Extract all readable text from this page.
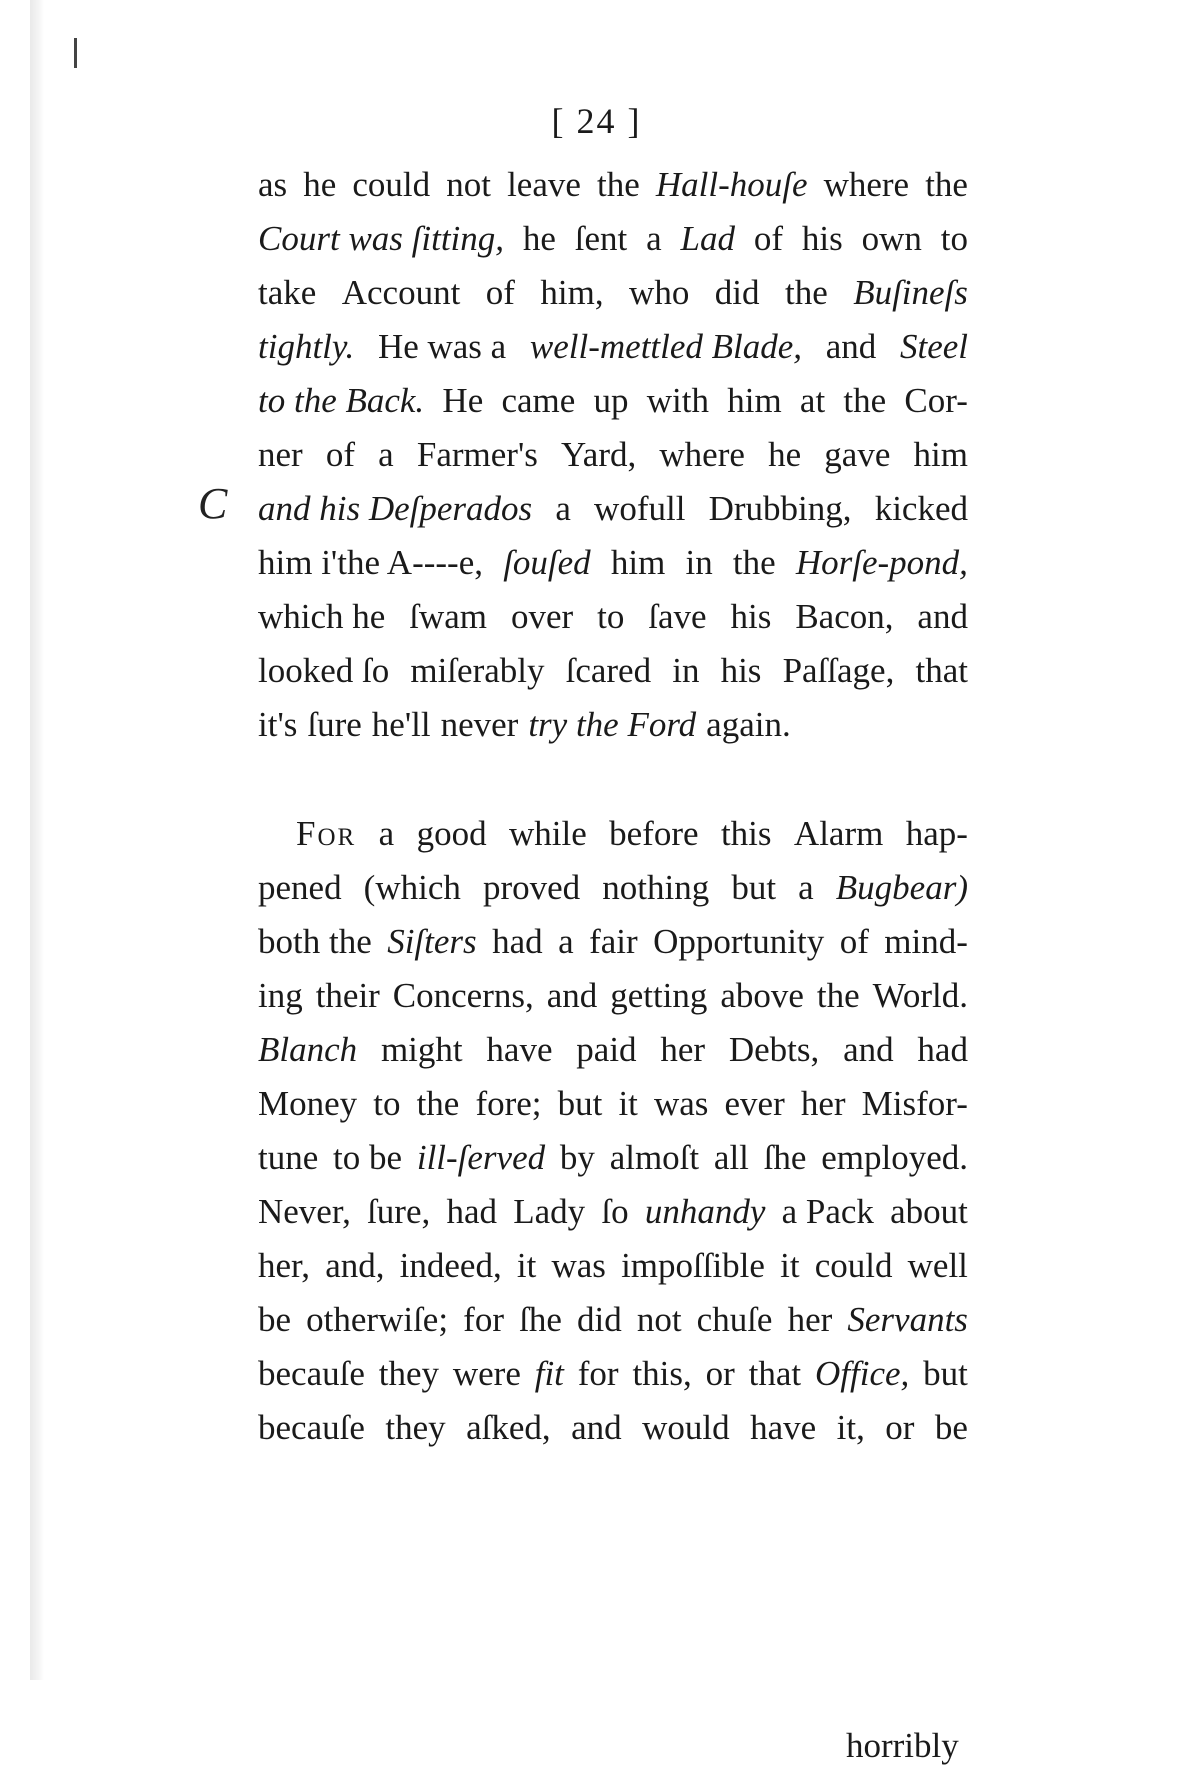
[ 24 ]
C
as he could not leave the Hall-houſe where the
Court was ſitting, he ſent a Lad of his own to
take Account of him, who did the Buſineſs
tightly. He was a well-mettled Blade, and Steel
to the Back. He came up with him at the Cor-
ner of a Farmer's Yard, where he gave him
and his Deſperados a wofull Drubbing, kicked
him i'the A----e, ſouſed him in the Horſe-pond,
which he ſwam over to ſave his Bacon, and
looked ſo miſerably ſcared in his Paſſage, that
it's ſure he'll never try the Ford again.
For a good while before this Alarm hap-
pened (which proved nothing but a Bugbear)
both the Siſters had a fair Opportunity of mind-
ing their Concerns, and getting above the World.
Blanch might have paid her Debts, and had
Money to the fore; but it was ever her Misfor-
tune to be ill-ſerved by almoſt all ſhe employed.
Never, ſure, had Lady ſo unhandy a Pack about
her, and, indeed, it was impoſſible it could well
be otherwiſe; for ſhe did not chuſe her Servants
becauſe they were fit for this, or that Office, but
becauſe they aſked, and would have it, or be
horribly
